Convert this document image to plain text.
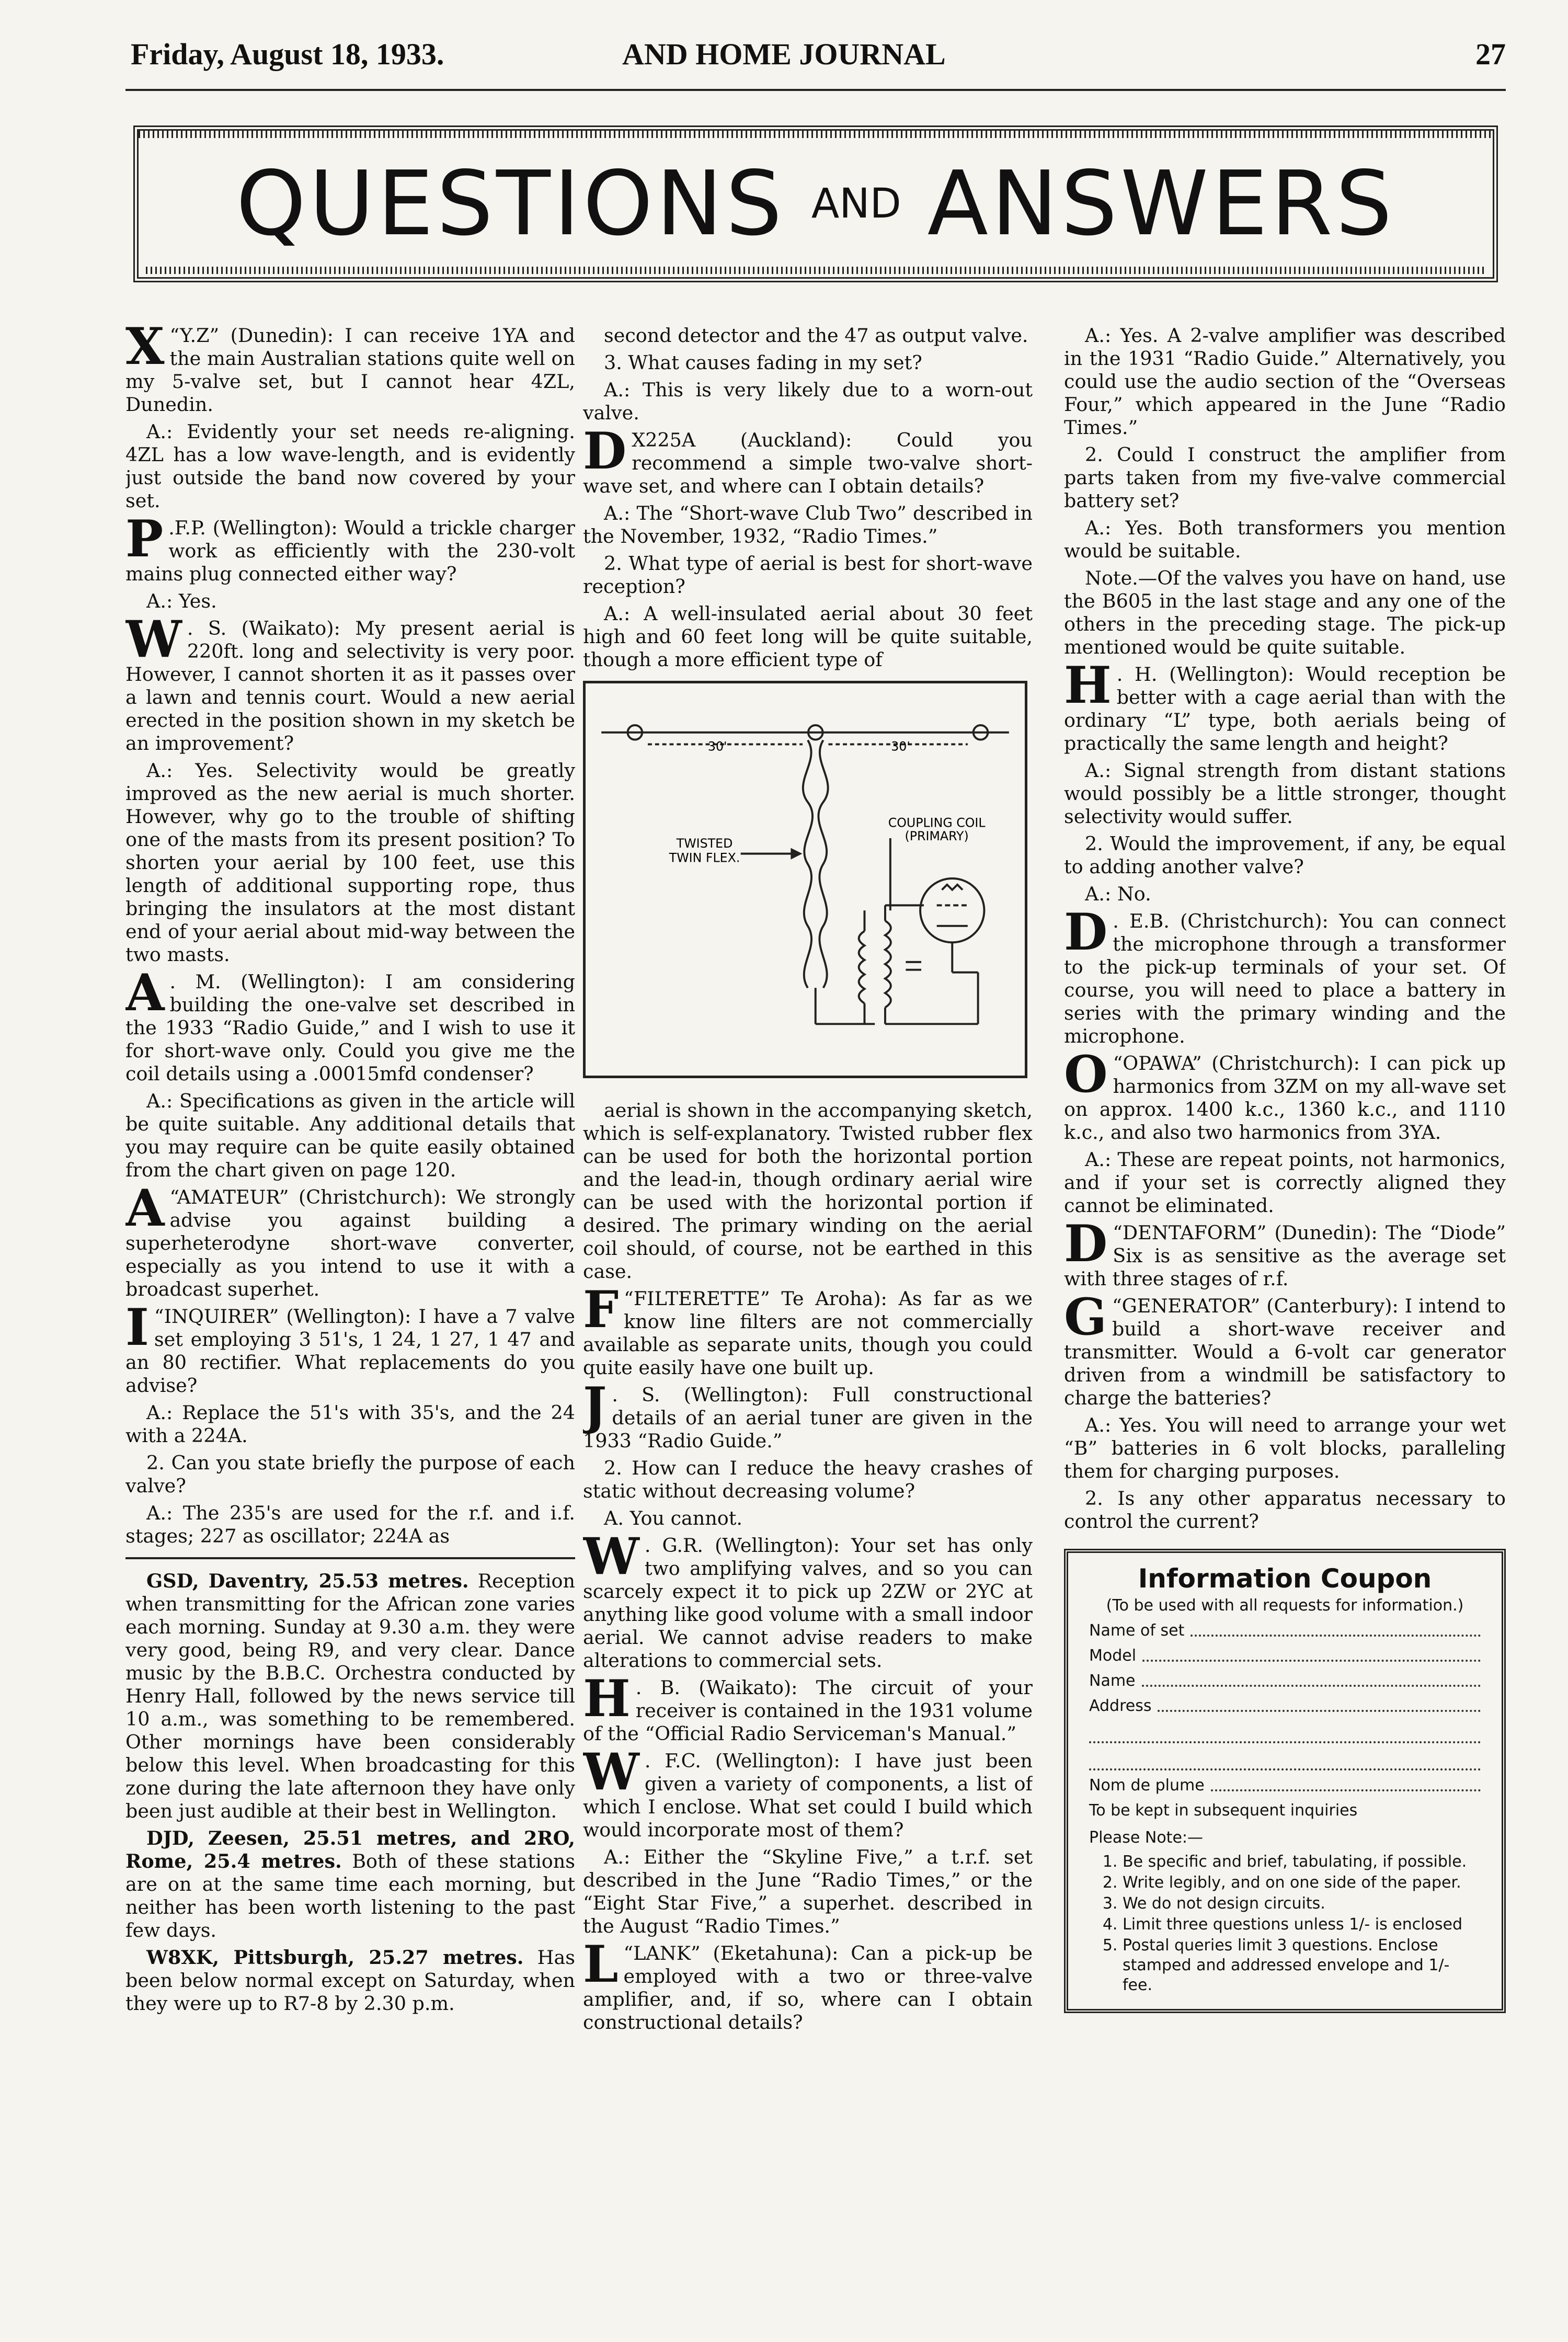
Friday, August 18, 1933.	AND HOME JOURNAL	27
QUESTIONS AND ANSWERS

X “Y.Z” (Dunedin): I can receive 1YA and the main Australian stations quite well on my 5-valve set, but I cannot hear 4ZL, Dunedin.

A.: Evidently your set needs re-aligning. 4ZL has a low wave-length, and is evidently just outside the band now covered by your set.

P .F.P. (Wellington): Would a trickle charger work as efficiently with the 230-volt mains plug connected either way?

A.: Yes.

W . S. (Waikato): My present aerial is 220ft. long and selectivity is very poor. However, I cannot shorten it as it passes over a lawn and tennis court. Would a new aerial erected in the position shown in my sketch be an improvement?

A.: Yes. Selectivity would be greatly improved as the new aerial is much shorter. However, why go to the trouble of shifting one of the masts from its present position? To shorten your aerial by 100 feet, use this length of additional supporting rope, thus bringing the insulators at the most distant end of your aerial about mid-way between the two masts.

A . M. (Wellington): I am considering building the one-valve set described in the 1933 “Radio Guide,” and I wish to use it for short-wave only. Could you give me the coil details using a .00015mfd condenser?

A.: Specifications as given in the article will be quite suitable. Any additional details that you may require can be quite easily obtained from the chart given on page 120.

A “AMATEUR” (Christchurch): We strongly advise you against building a superheterodyne short-wave converter, especially as you intend to use it with a broadcast superhet.

I “INQUIRER” (Wellington): I have a 7 valve set employing 3 51's, 1 24, 1 27, 1 47 and an 80 rectifier. What replacements do you advise?

A.: Replace the 51's with 35's, and the 24 with a 224A.

2. Can you state briefly the purpose of each valve?

A.: The 235's are used for the r.f. and i.f. stages; 227 as oscillator; 224A as

GSD, Daventry, 25.53 metres. Reception when transmitting for the African zone varies each morning. Sunday at 9.30 a.m. they were very good, being R9, and very clear. Dance music by the B.B.C. Orchestra conducted by Henry Hall, followed by the news service till 10 a.m., was something to be remembered. Other mornings have been considerably below this level. When broadcasting for this zone during the late afternoon they have only been just audible at their best in Wellington.

DJD, Zeesen, 25.51 metres, and 2RO, Rome, 25.4 metres. Both of these stations are on at the same time each morning, but neither has been worth listening to the past few days.

W8XK, Pittsburgh, 25.27 metres. Has been below normal except on Saturday, when they were up to R7-8 by 2.30 p.m.

second detector and the 47 as output valve.

3. What causes fading in my set?

A.: This is very likely due to a worn-out valve.

D X225A (Auckland): Could you recommend a simple two-valve short-wave set, and where can I obtain details?

A.: The “Short-wave Club Two” described in the November, 1932, “Radio Times.”

2. What type of aerial is best for short-wave reception?

A.: A well-insulated aerial about 30 feet high and 60 feet long will be quite suitable, though a more efficient type of

30'	30'
TWISTED
TWIN FLEX.
COUPLING COIL
(PRIMARY)

aerial is shown in the accompanying sketch, which is self-explanatory. Twisted rubber flex can be used for both the horizontal portion and the lead-in, though ordinary aerial wire can be used with the horizontal portion if desired. The primary winding on the aerial coil should, of course, not be earthed in this case.

F “FILTERETTE” Te Aroha): As far as we know line filters are not commercially available as separate units, though you could quite easily have one built up.

J . S. (Wellington): Full constructional details of an aerial tuner are given in the 1933 “Radio Guide.”

2. How can I reduce the heavy crashes of static without decreasing volume?

A. You cannot.

W . G.R. (Wellington): Your set has only two amplifying valves, and so you can scarcely expect it to pick up 2ZW or 2YC at anything like good volume with a small indoor aerial. We cannot advise readers to make alterations to commercial sets.

H . B. (Waikato): The circuit of your receiver is contained in the 1931 volume of the “Official Radio Serviceman's Manual.”

W . F.C. (Wellington): I have just been given a variety of components, a list of which I enclose. What set could I build which would incorporate most of them?

A.: Either the “Skyline Five,” a t.r.f. set described in the June “Radio Times,” or the “Eight Star Five,” a superhet. described in the August “Radio Times.”

L “LANK” (Eketahuna): Can a pick-up be employed with a two or three-valve amplifier, and, if so, where can I obtain constructional details?

A.: Yes. A 2-valve amplifier was described in the 1931 “Radio Guide.” Alternatively, you could use the audio section of the “Overseas Four,” which appeared in the June “Radio Times.”

2. Could I construct the amplifier from parts taken from my five-valve commercial battery set?

A.: Yes. Both transformers you mention would be suitable.

Note.—Of the valves you have on hand, use the B605 in the last stage and any one of the others in the preceding stage. The pick-up mentioned would be quite suitable.

H . H. (Wellington): Would reception be better with a cage aerial than with the ordinary “L” type, both aerials being of practically the same length and height?

A.: Signal strength from distant stations would possibly be a little stronger, thought selectivity would suffer.

2. Would the improvement, if any, be equal to adding another valve?

A.: No.

D . E.B. (Christchurch): You can connect the microphone through a transformer to the pick-up terminals of your set. Of course, you will need to place a battery in series with the primary winding and the microphone.

O “OPAWA” (Christchurch): I can pick up harmonics from 3ZM on my all-wave set on approx. 1400 k.c., 1360 k.c., and 1110 k.c., and also two harmonics from 3YA.

A.: These are repeat points, not harmonics, and if your set is correctly aligned they cannot be eliminated.

D “DENTAFORM” (Dunedin): The “Diode” Six is as sensitive as the average set with three stages of r.f.

G “GENERATOR” (Canterbury): I intend to build a short-wave receiver and transmitter. Would a 6-volt car generator driven from a windmill be satisfactory to charge the batteries?

A.: Yes. You will need to arrange your wet “B” batteries in 6 volt blocks, paralleling them for charging purposes.

2. Is any other apparatus necessary to control the current?

Information Coupon
(To be used with all requests for information.)
Name of set
Model
Name
Address
Nom de plume
To be kept in subsequent inquiries
Please Note:—
1. Be specific and brief, tabulating, if possible.
2. Write legibly, and on one side of the paper.
3. We do not design circuits.
4. Limit three questions unless 1/- is enclosed
5. Postal queries limit 3 questions. Enclose stamped and addressed envelope and 1/- fee.
